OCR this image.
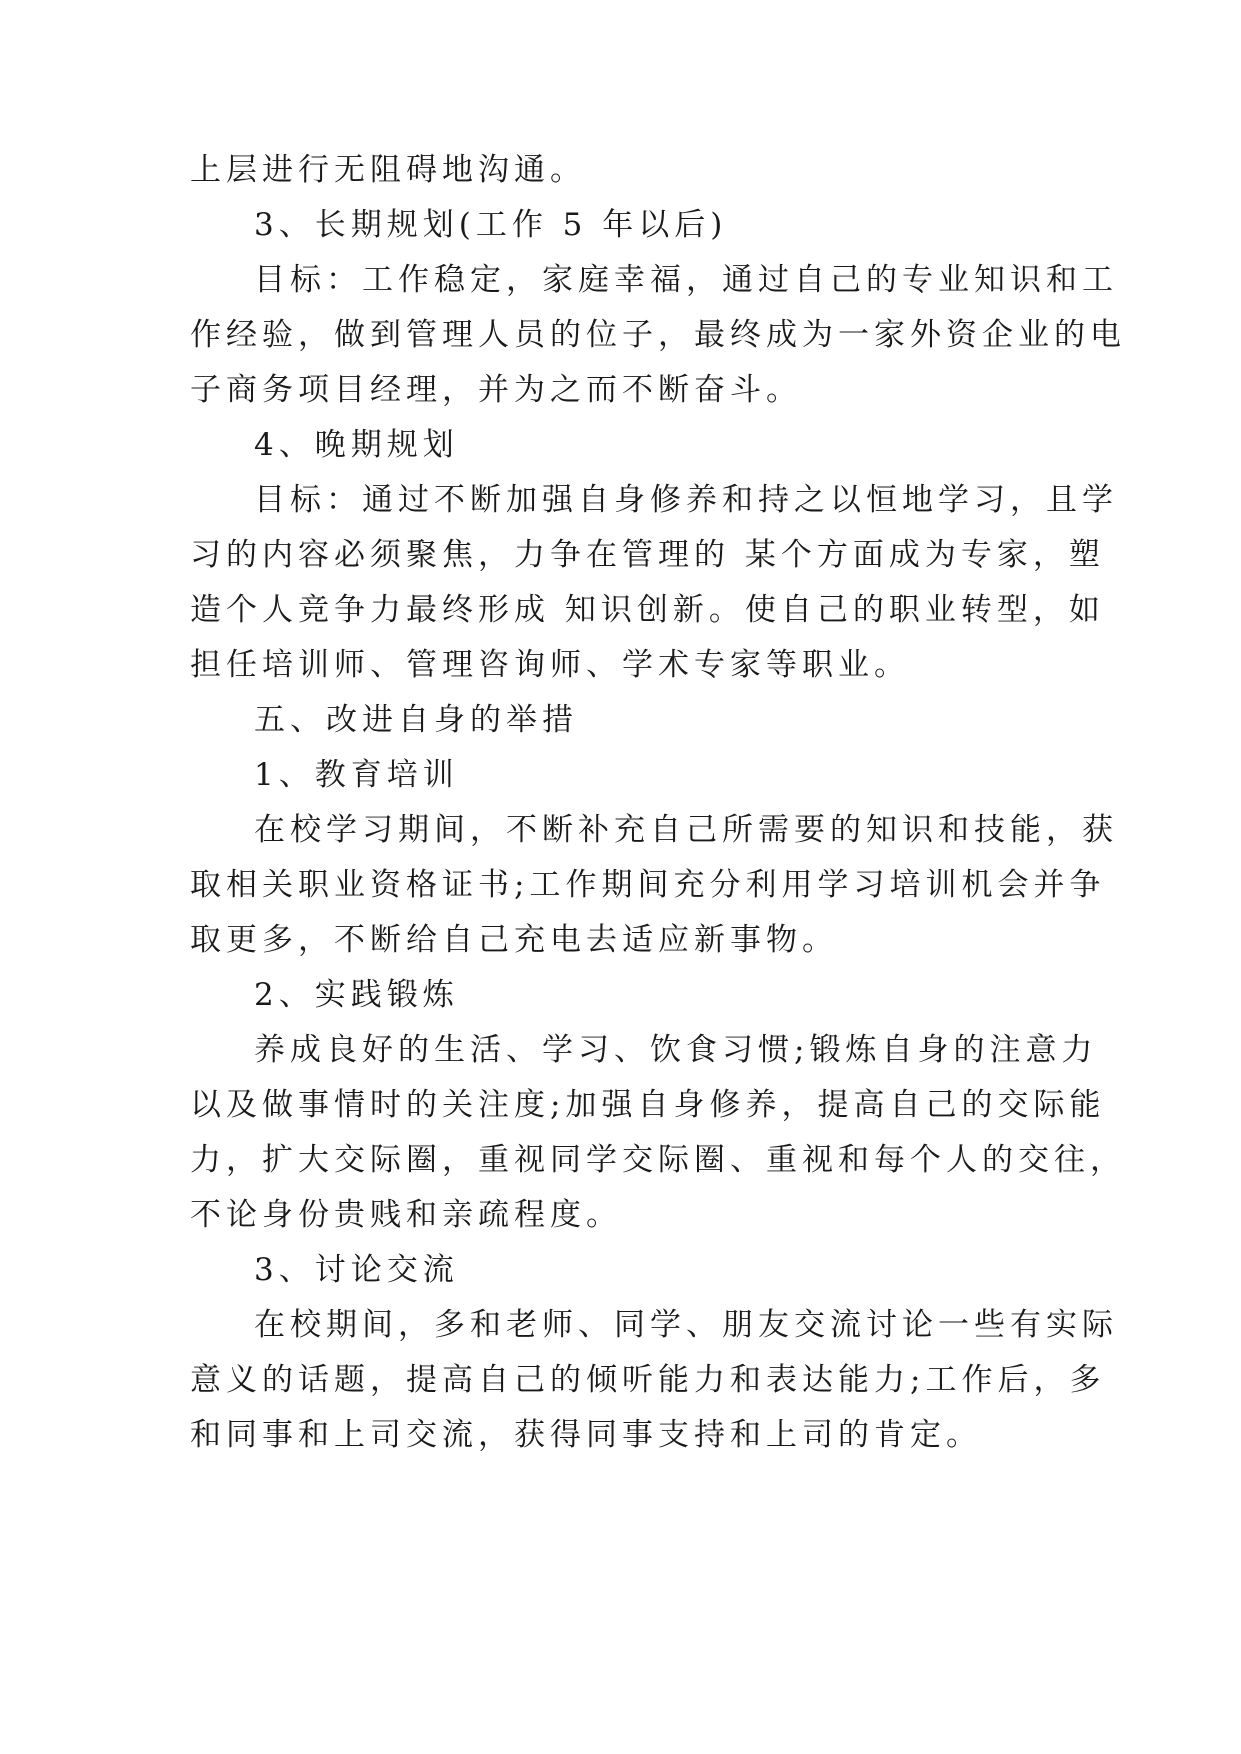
上层进行无阻碍地沟通。
3、长期规划(工作 5 年以后)
目标：工作稳定，家庭幸福，通过自己的专业知识和工
作经验，做到管理人员的位子，最终成为一家外资企业的电
子商务项目经理，并为之而不断奋斗。
4、晚期规划
目标：通过不断加强自身修养和持之以恒地学习，且学
习的内容必须聚焦，力争在管理的 某个方面成为专家，塑
造个人竞争力最终形成 知识创新。使自己的职业转型，如
担任培训师、管理咨询师、学术专家等职业。
五、改进自身的举措
1、教育培训
在校学习期间，不断补充自己所需要的知识和技能，获
取相关职业资格证书;工作期间充分利用学习培训机会并争
取更多，不断给自己充电去适应新事物。
2、实践锻炼
养成良好的生活、学习、饮食习惯;锻炼自身的注意力
以及做事情时的关注度;加强自身修养，提高自己的交际能
力，扩大交际圈，重视同学交际圈、重视和每个人的交往，
不论身份贵贱和亲疏程度。
3、讨论交流
在校期间，多和老师、同学、朋友交流讨论一些有实际
意义的话题，提高自己的倾听能力和表达能力;工作后，多
和同事和上司交流，获得同事支持和上司的肯定。
